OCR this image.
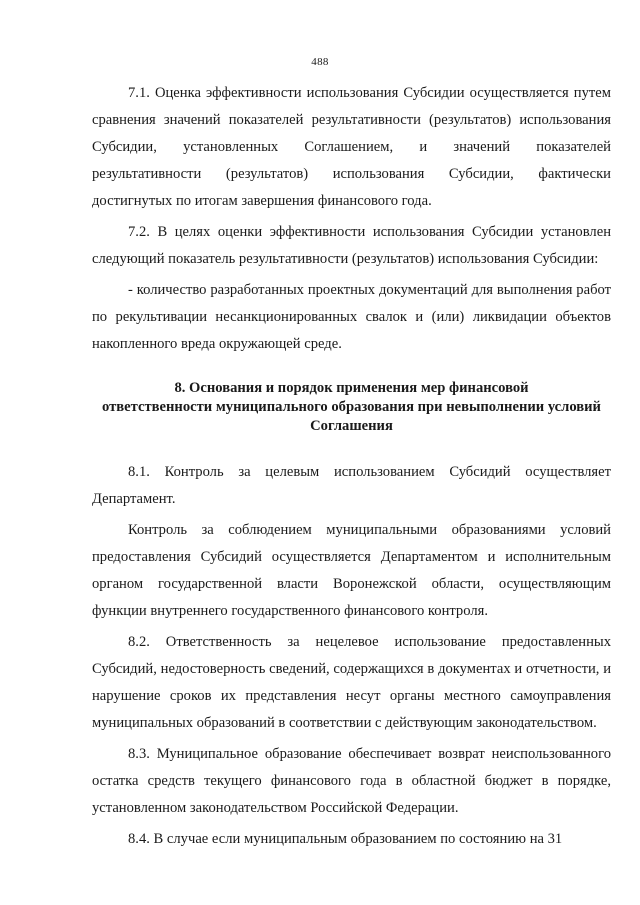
488

7.1. Оценка эффективности использования Субсидии осуществляется путем сравнения значений показателей результативности (результатов) использования Субсидии, установленных Соглашением, и значений показателей результативности (результатов) использования Субсидии, фактически достигнутых по итогам завершения финансового года.

7.2. В целях оценки эффективности использования Субсидии установлен следующий показатель результативности (результатов) использования Субсидии:

- количество разработанных проектных документаций для выполнения работ по рекультивации несанкционированных свалок и (или) ликвидации объектов накопленного вреда окружающей среде.

8. Основания и порядок применения мер финансовой
ответственности муниципального образования при невыполнении условий
Соглашения

8.1. Контроль за целевым использованием Субсидий осуществляет Департамент.

Контроль за соблюдением муниципальными образованиями условий предоставления Субсидий осуществляется Департаментом и исполнительным органом государственной власти Воронежской области, осуществляющим функции внутреннего государственного финансового контроля.

8.2. Ответственность за нецелевое использование предоставленных Субсидий, недостоверность сведений, содержащихся в документах и отчетности, и нарушение сроков их представления несут органы местного самоуправления муниципальных образований в соответствии с действующим законодательством.

8.3. Муниципальное образование обеспечивает возврат неиспользованного остатка средств текущего финансового года в областной бюджет в порядке, установленном законодательством Российской Федерации.

8.4. В случае если муниципальным образованием по состоянию на 31
